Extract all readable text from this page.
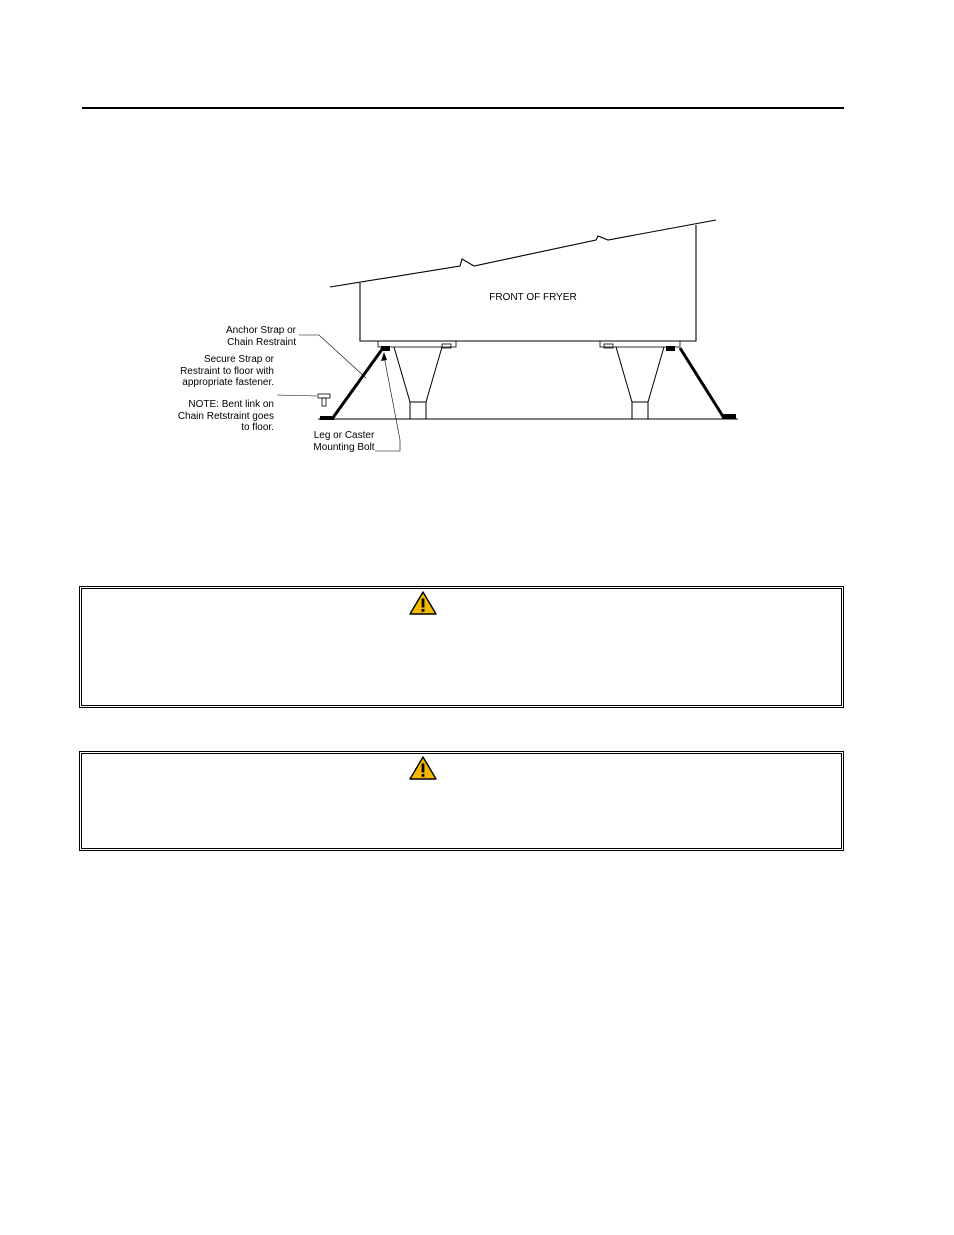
FRONT OF FRYER
Anchor Strap or
Chain Restraint
Secure Strap or
Restraint to floor with
appropriate fastener.
NOTE: Bent link on
Chain Retstraint goes
to floor.
Leg or Caster
Mounting Bolt
